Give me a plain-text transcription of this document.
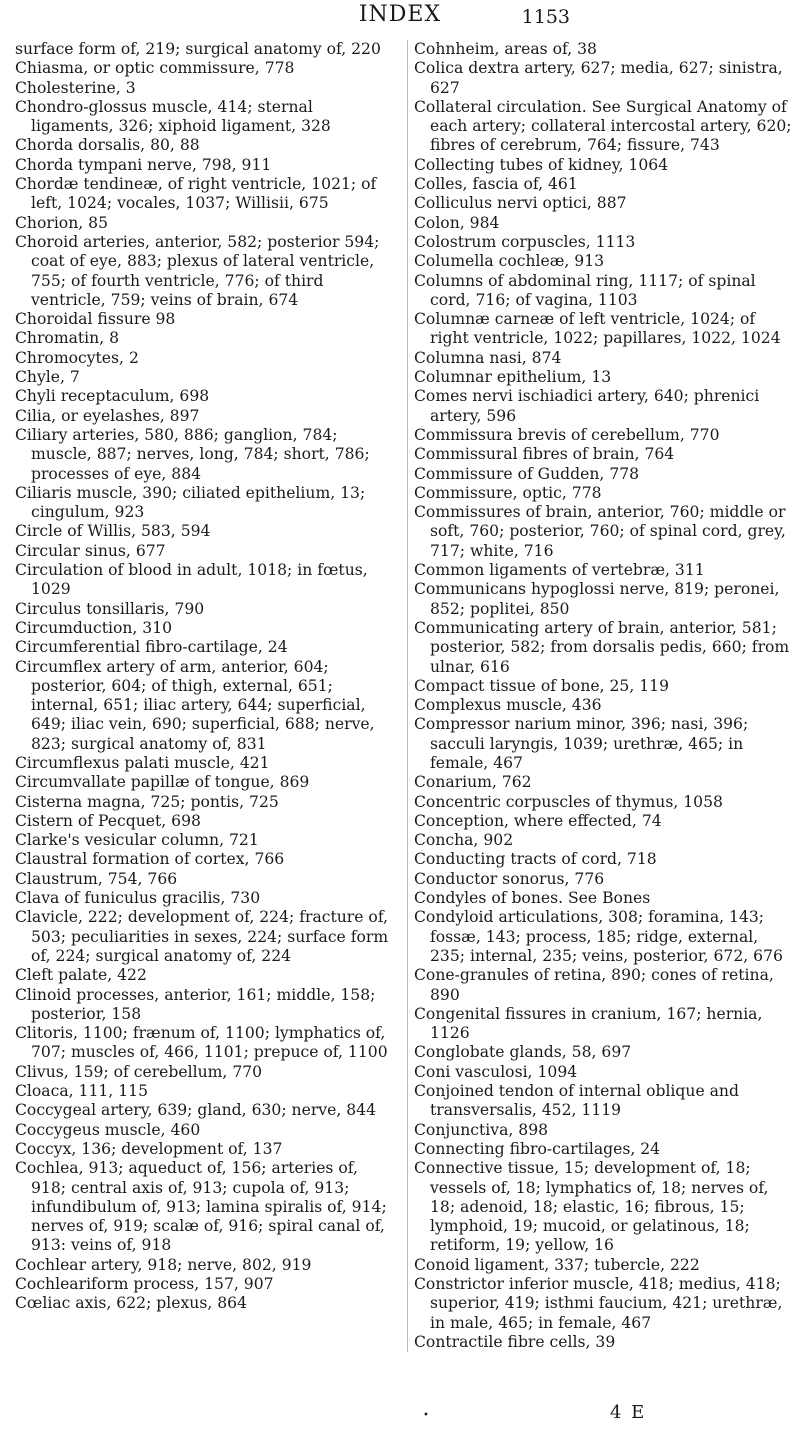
INDEX	1153

surface form of, 219; surgical anatomy of, 220

Chiasma, or optic commissure, 778

Cholesterine, 3

Chondro-glossus muscle, 414; sternal ligaments, 326; xiphoid ligament, 328

Chorda dorsalis, 80, 88

Chorda tympani nerve, 798, 911

Chordæ tendineæ, of right ventricle, 1021; of left, 1024; vocales, 1037; Willisii, 675

Chorion, 85

Choroid arteries, anterior, 582; posterior 594; coat of eye, 883; plexus of lateral ventricle, 755; of fourth ventricle, 776; of third ventricle, 759; veins of brain, 674

Choroidal fissure 98

Chromatin, 8

Chromocytes, 2

Chyle, 7

Chyli receptaculum, 698

Cilia, or eyelashes, 897

Ciliary arteries, 580, 886; ganglion, 784; muscle, 887; nerves, long, 784; short, 786; processes of eye, 884

Ciliaris muscle, 390; ciliated epithelium, 13; cingulum, 923

Circle of Willis, 583, 594

Circular sinus, 677

Circulation of blood in adult, 1018; in fœtus, 1029

Circulus tonsillaris, 790

Circumduction, 310

Circumferential fibro-cartilage, 24

Circumflex artery of arm, anterior, 604; posterior, 604; of thigh, external, 651; internal, 651; iliac artery, 644; superficial, 649; iliac vein, 690; superficial, 688; nerve, 823; surgical anatomy of, 831

Circumflexus palati muscle, 421

Circumvallate papillæ of tongue, 869

Cisterna magna, 725; pontis, 725

Cistern of Pecquet, 698

Clarke's vesicular column, 721

Claustral formation of cortex, 766

Claustrum, 754, 766

Clava of funiculus gracilis, 730

Clavicle, 222; development of, 224; fracture of, 503; peculiarities in sexes, 224; surface form of, 224; surgical anatomy of, 224

Cleft palate, 422

Clinoid processes, anterior, 161; middle, 158; posterior, 158

Clitoris, 1100; frænum of, 1100; lymphatics of, 707; muscles of, 466, 1101; prepuce of, 1100

Clivus, 159; of cerebellum, 770

Cloaca, 111, 115

Coccygeal artery, 639; gland, 630; nerve, 844

Coccygeus muscle, 460

Coccyx, 136; development of, 137

Cochlea, 913; aqueduct of, 156; arteries of, 918; central axis of, 913; cupola of, 913; infundibulum of, 913; lamina spiralis of, 914; nerves of, 919; scalæ of, 916; spiral canal of, 913: veins of, 918

Cochlear artery, 918; nerve, 802, 919

Cochleariform process, 157, 907

Cœliac axis, 622; plexus, 864

Cohnheim, areas of, 38

Colica dextra artery, 627; media, 627; sinistra, 627

Collateral circulation. See Surgical Anatomy of each artery; collateral intercostal artery, 620; fibres of cerebrum, 764; fissure, 743

Collecting tubes of kidney, 1064

Colles, fascia of, 461

Colliculus nervi optici, 887

Colon, 984

Colostrum corpuscles, 1113

Columella cochleæ, 913

Columns of abdominal ring, 1117; of spinal cord, 716; of vagina, 1103

Columnæ carneæ of left ventricle, 1024; of right ventricle, 1022; papillares, 1022, 1024

Columna nasi, 874

Columnar epithelium, 13

Comes nervi ischiadici artery, 640; phrenici artery, 596

Commissura brevis of cerebellum, 770

Commissural fibres of brain, 764

Commissure of Gudden, 778

Commissure, optic, 778

Commissures of brain, anterior, 760; middle or soft, 760; posterior, 760; of spinal cord, grey, 717; white, 716

Common ligaments of vertebræ, 311

Communicans hypoglossi nerve, 819; peronei, 852; poplitei, 850

Communicating artery of brain, anterior, 581; posterior, 582; from dorsalis pedis, 660; from ulnar, 616

Compact tissue of bone, 25, 119

Complexus muscle, 436

Compressor narium minor, 396; nasi, 396; sacculi laryngis, 1039; urethræ, 465; in female, 467

Conarium, 762

Concentric corpuscles of thymus, 1058

Conception, where effected, 74

Concha, 902

Conducting tracts of cord, 718

Conductor sonorus, 776

Condyles of bones. See Bones

Condyloid articulations, 308; foramina, 143; fossæ, 143; process, 185; ridge, external, 235; internal, 235; veins, posterior, 672, 676

Cone-granules of retina, 890; cones of retina, 890

Congenital fissures in cranium, 167; hernia, 1126

Conglobate glands, 58, 697

Coni vasculosi, 1094

Conjoined tendon of internal oblique and transversalis, 452, 1119

Conjunctiva, 898

Connecting fibro-cartilages, 24

Connective tissue, 15; development of, 18; vessels of, 18; lymphatics of, 18; nerves of, 18; adenoid, 18; elastic, 16; fibrous, 15; lymphoid, 19; mucoid, or gelatinous, 18; retiform, 19; yellow, 16

Conoid ligament, 337; tubercle, 222

Constrictor inferior muscle, 418; medius, 418; superior, 419; isthmi faucium, 421; urethræ, in male, 465; in female, 467

Contractile fibre cells, 39

•	4 E
